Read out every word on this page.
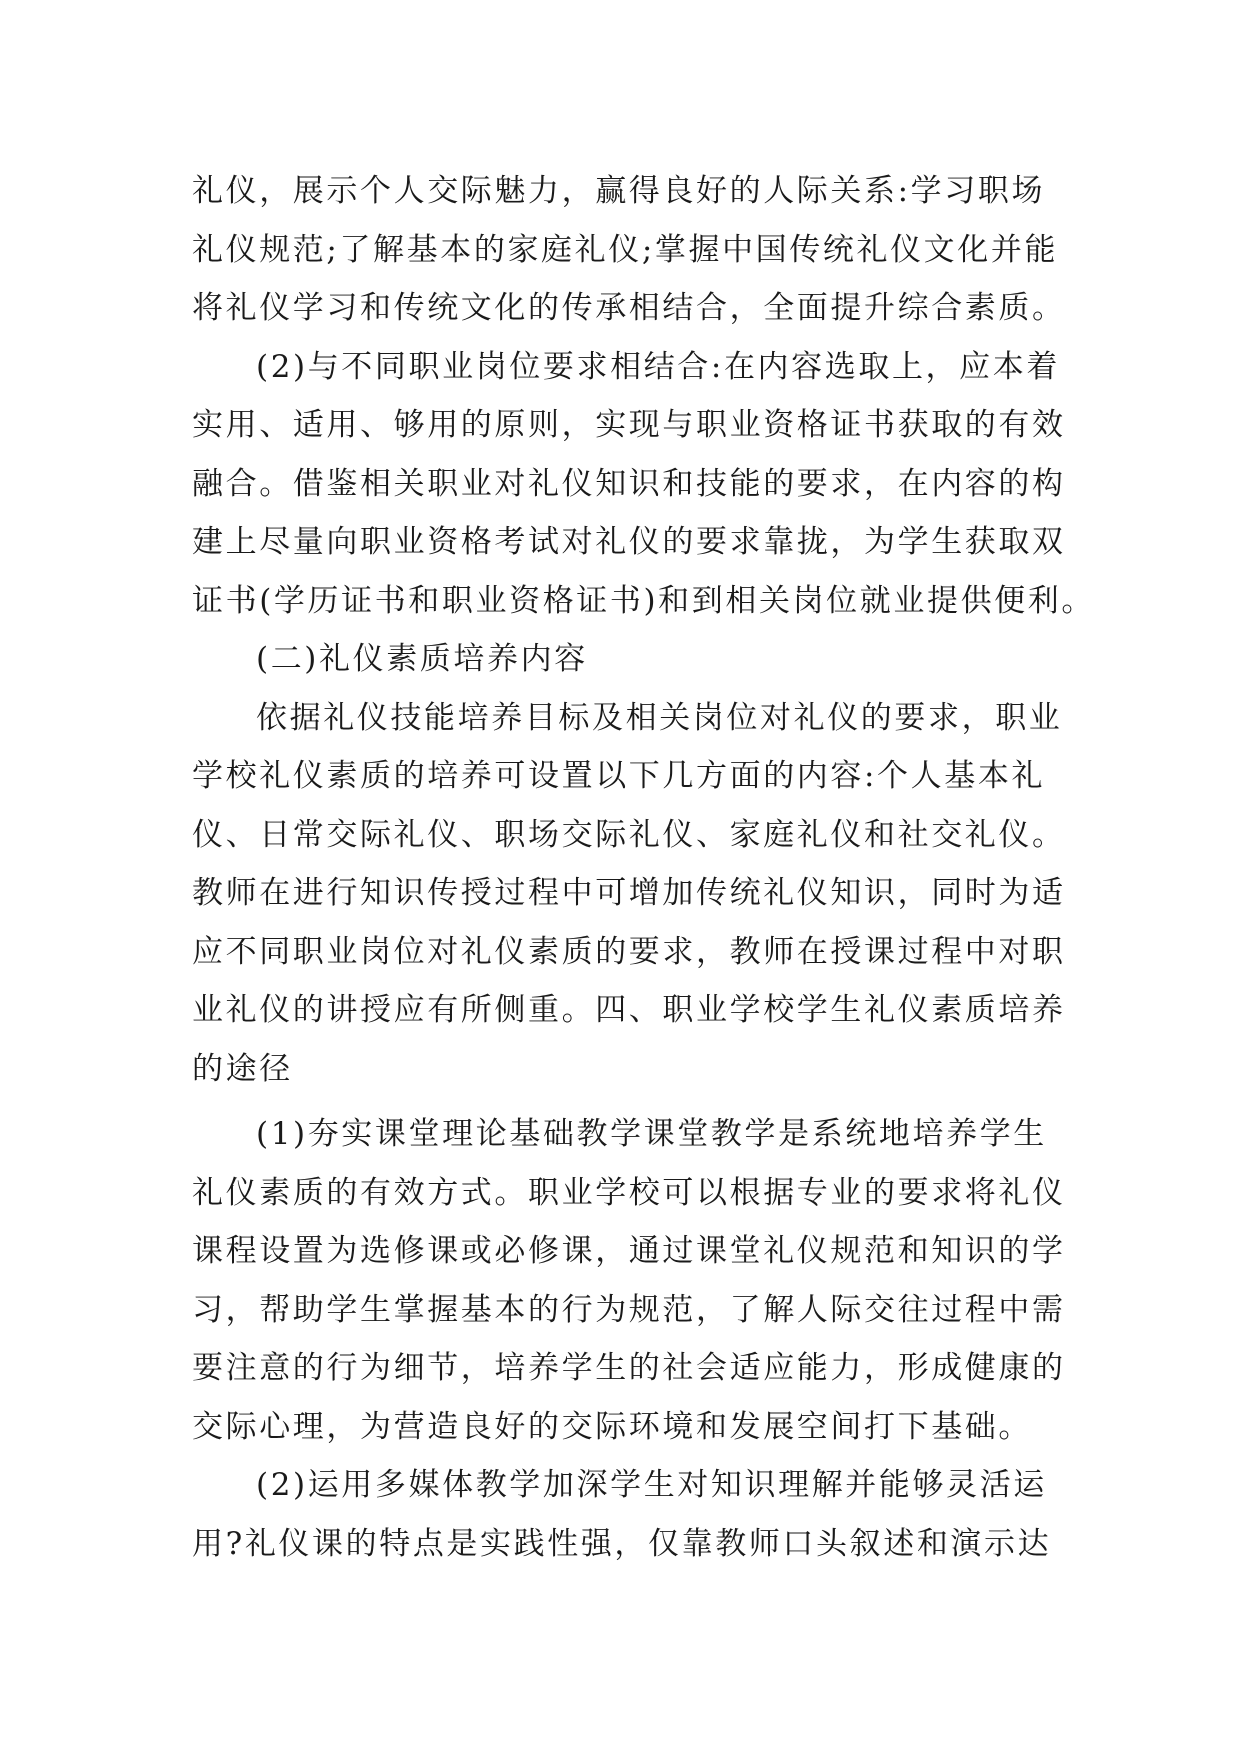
礼仪，展示个人交际魅力，赢得良好的人际关系:学习职场
礼仪规范;了解基本的家庭礼仪;掌握中国传统礼仪文化并能
将礼仪学习和传统文化的传承相结合，全面提升综合素质。
(2)与不同职业岗位要求相结合:在内容选取上，应本着
实用、适用、够用的原则，实现与职业资格证书获取的有效
融合。借鉴相关职业对礼仪知识和技能的要求，在内容的构
建上尽量向职业资格考试对礼仪的要求靠拢，为学生获取双
证书(学历证书和职业资格证书)和到相关岗位就业提供便利。
(二)礼仪素质培养内容
依据礼仪技能培养目标及相关岗位对礼仪的要求，职业
学校礼仪素质的培养可设置以下几方面的内容:个人基本礼
仪、日常交际礼仪、职场交际礼仪、家庭礼仪和社交礼仪。
教师在进行知识传授过程中可增加传统礼仪知识，同时为适
应不同职业岗位对礼仪素质的要求，教师在授课过程中对职
业礼仪的讲授应有所侧重。四、职业学校学生礼仪素质培养
的途径
(1)夯实课堂理论基础教学课堂教学是系统地培养学生
礼仪素质的有效方式。职业学校可以根据专业的要求将礼仪
课程设置为选修课或必修课，通过课堂礼仪规范和知识的学
习，帮助学生掌握基本的行为规范，了解人际交往过程中需
要注意的行为细节，培养学生的社会适应能力，形成健康的
交际心理，为营造良好的交际环境和发展空间打下基础。
(2)运用多媒体教学加深学生对知识理解并能够灵活运
用?礼仪课的特点是实践性强，仅靠教师口头叙述和演示达
